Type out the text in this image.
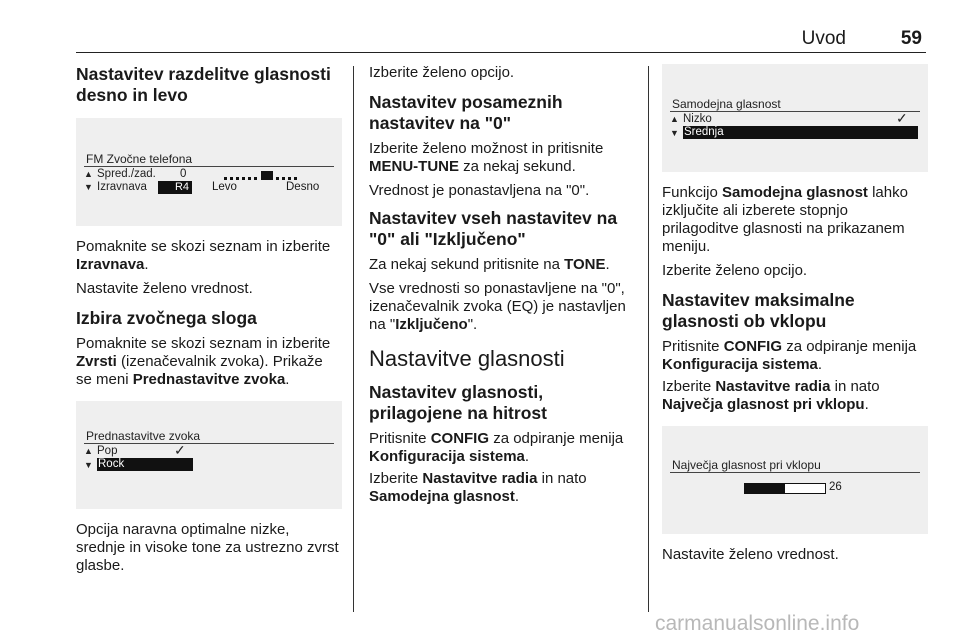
Uvod	59
Nastavitev razdelitve glasnosti desno in levo
FM Zvočne telefona
▲ Spred./zad. 0
▼ Izravnava	R4 Levo	Desno

Pomaknite se skozi seznam in izberite Izravnava.

Nastavite želeno vrednost.

Izbira zvočnega sloga

Pomaknite se skozi seznam in izberite Zvrsti (izenačevalnik zvoka). Prikaže se meni Prednastavitve zvoka.

Prednastavitve zvoka
▲ Pop	✓
▼ Rock

Opcija naravna optimalne nizke, srednje in visoke tone za ustrezno zvrst glasbe.

Izberite želeno opcijo.

Nastavitev posameznih nastavitev na "0"

Izberite želeno možnost in pritisnite MENU-TUNE za nekaj sekund.

Vrednost je ponastavljena na "0".

Nastavitev vseh nastavitev na "0" ali "Izključeno"

Za nekaj sekund pritisnite na TONE.

Vse vrednosti so ponastavljene na "0", izenačevalnik zvoka (EQ) je nastavljen na "Izključeno".

Nastavitve glasnosti
Nastavitev glasnosti, prilagojene na hitrost

Pritisnite CONFIG za odpiranje menija Konfiguracija sistema.

Izberite Nastavitve radia in nato Samodejna glasnost.

Samodejna glasnost
▲ Nizko	✓
▼ Srednja

Funkcijo Samodejna glasnost lahko izključite ali izberete stopnjo prilagoditve glasnosti na prikazanem meniju.

Izberite želeno opcijo.

Nastavitev maksimalne glasnosti ob vklopu

Pritisnite CONFIG za odpiranje menija Konfiguracija sistema.

Izberite Nastavitve radia in nato Največja glasnost pri vklopu.

Največja glasnost pri vklopu
26

Nastavite želeno vrednost.

carmanualsonline.info
